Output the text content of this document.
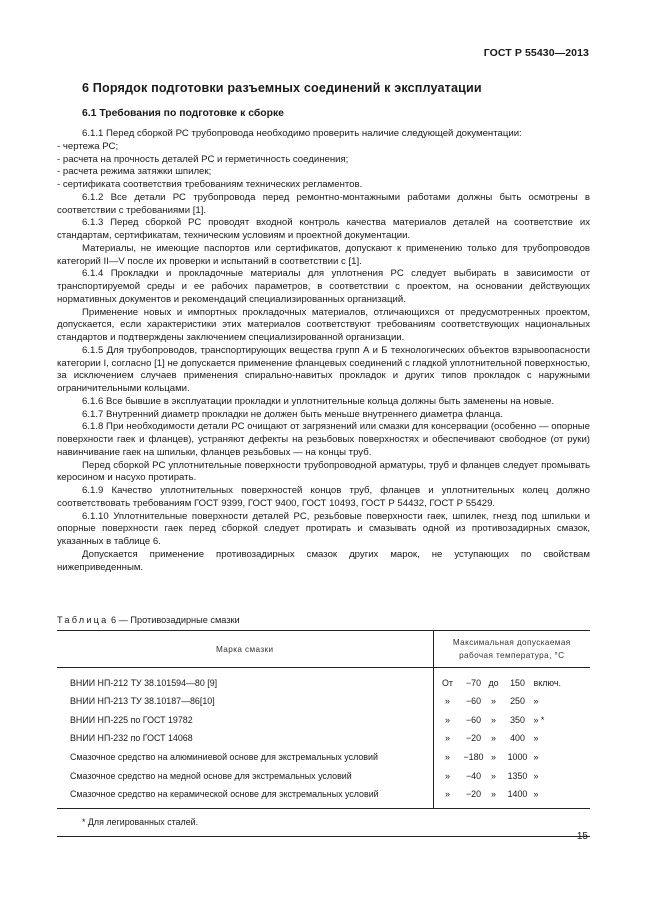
ГОСТ Р 55430—2013
6 Порядок подготовки разъемных соединений к эксплуатации
6.1 Требования по подготовке к сборке

6.1.1 Перед сборкой РС трубопровода необходимо проверить наличие следующей документации:

- чертежа РС;

- расчета на прочность деталей РС и герметичность соединения;

- расчета режима затяжки шпилек;

- сертификата соответствия требованиям технических регламентов.

6.1.2 Все детали РС трубопровода перед ремонтно-монтажными работами должны быть осмотрены в соответствии с требованиями [1].

6.1.3 Перед сборкой РС проводят входной контроль качества материалов деталей на соответствие их стандартам, сертификатам, техническим условиям и проектной документации.

Материалы, не имеющие паспортов или сертификатов, допускают к применению только для трубопроводов категорий II—V после их проверки и испытаний в соответствии с [1].

6.1.4 Прокладки и прокладочные материалы для уплотнения РС следует выбирать в зависимости от транспортируемой среды и ее рабочих параметров, в соответствии с проектом, на основании действующих нормативных документов и рекомендаций специализированных организаций.

Применение новых и импортных прокладочных материалов, отличающихся от предусмотренных проектом, допускается, если характеристики этих материалов соответствуют требованиям соответствующих национальных стандартов и подтверждены заключением специализированной организации.

6.1.5 Для трубопроводов, транспортирующих вещества групп А и Б технологических объектов взрывоопасности категории I, согласно [1] не допускается применение фланцевых соединений с гладкой уплотнительной поверхностью, за исключением случаев применения спирально-навитых прокладок и других типов прокладок с наружными ограничительными кольцами.

6.1.6 Все бывшие в эксплуатации прокладки и уплотнительные кольца должны быть заменены на новые.

6.1.7 Внутренний диаметр прокладки не должен быть меньше внутреннего диаметра фланца.

6.1.8 При необходимости детали РС очищают от загрязнений или смазки для консервации (особенно — опорные поверхности гаек и фланцев), устраняют дефекты на резьбовых поверхностях и обеспечивают свободное (от руки) навинчивание гаек на шпильки, фланцев резьбовых — на концы труб.

Перед сборкой РС уплотнительные поверхности трубопроводной арматуры, труб и фланцев следует промывать керосином и насухо протирать.

6.1.9 Качество уплотнительных поверхностей концов труб, фланцев и уплотнительных колец должно соответствовать требованиям ГОСТ 9399, ГОСТ 9400, ГОСТ 10493, ГОСТ Р 54432, ГОСТ Р 55429.

6.1.10 Уплотнительные поверхности деталей РС, резьбовые поверхности гаек, шпилек, гнезд под шпильки и опорные поверхности гаек перед сборкой следует протирать и смазывать одной из противозадирных смазок, указанных в таблице 6.

Допускается применение противозадирных смазок других марок, не уступающих по свойствам нижеприведенным.

Таблица 6 — Противозадирные смазки
Марка смазки	Максимальная допускаемая
рабочая температура, °С
ВНИИ НП-212 ТУ 38.101594—80 [9]	От −70 до 150 включ.

ВНИИ НП-213 ТУ 38.10187—86[10]	» −60 » 250 »

ВНИИ НП-225 по ГОСТ 19782	» −60 » 350 » *

ВНИИ НП-232 по ГОСТ 14068	» −20 » 400 »

Смазочное средство на алюминиевой основе для экстремальных условий	» −180 » 1000 »

Смазочное средство на медной основе для экстремальных условий	» −40 » 1350 »

Смазочное средство на керамической основе для экстремальных условий	» −20 » 1400 »

* Для легированных сталей.	
15
